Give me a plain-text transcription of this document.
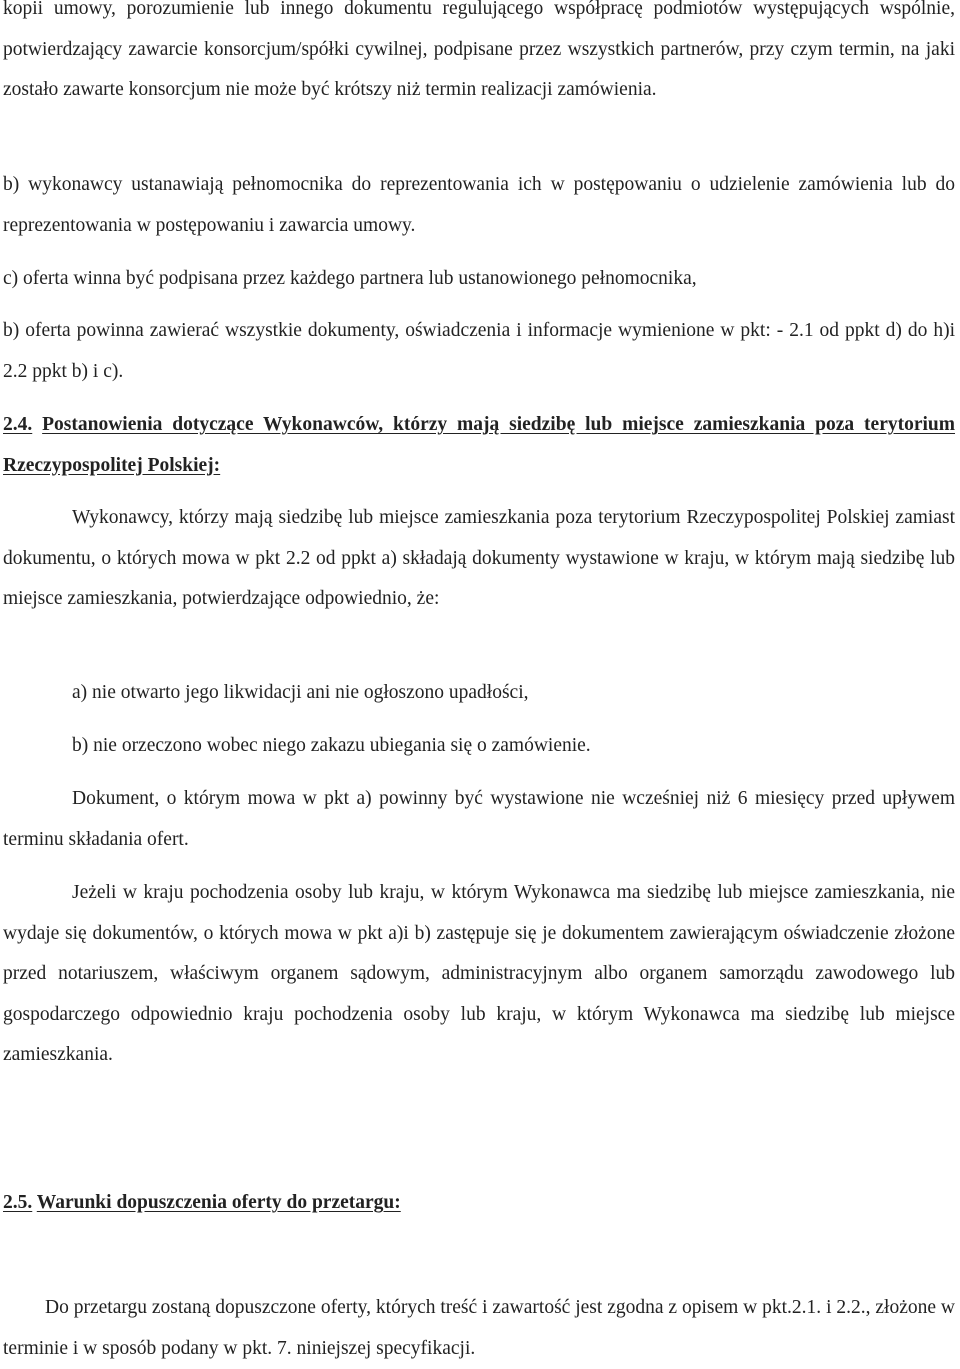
kopii umowy, porozumienie lub innego dokumentu regulującego współpracę podmiotów występujących wspólnie, potwierdzający zawarcie konsorcjum/spółki cywilnej, podpisane przez wszystkich partnerów, przy czym termin, na jaki zostało zawarte konsorcjum nie może być krótszy niż termin realizacji zamówienia.

b) wykonawcy ustanawiają pełnomocnika do reprezentowania ich w postępowaniu o udzielenie zamówienia lub do reprezentowania w postępowaniu i zawarcia umowy.

c) oferta winna być podpisana przez każdego partnera lub ustanowionego pełnomocnika,

b) oferta powinna zawierać wszystkie dokumenty, oświadczenia i informacje wymienione w pkt: - 2.1 od ppkt d) do h)i 2.2 ppkt b) i c).

2.4. Postanowienia dotyczące Wykonawców, którzy mają siedzibę lub miejsce zamieszkania poza terytorium Rzeczypospolitej Polskiej:

Wykonawcy, którzy mają siedzibę lub miejsce zamieszkania poza terytorium Rzeczypospolitej Polskiej zamiast dokumentu, o których mowa w pkt 2.2 od ppkt a) składają dokumenty wystawione w kraju, w którym mają siedzibę lub miejsce zamieszkania, potwierdzające odpowiednio, że:

a) nie otwarto jego likwidacji ani nie ogłoszono upadłości,

b) nie orzeczono wobec niego zakazu ubiegania się o zamówienie.

Dokument, o którym mowa w pkt a) powinny być wystawione nie wcześniej niż 6 miesięcy przed upływem terminu składania ofert.

Jeżeli w kraju pochodzenia osoby lub kraju, w którym Wykonawca ma siedzibę lub miejsce zamieszkania, nie wydaje się dokumentów, o których mowa w pkt a)i b) zastępuje się je dokumentem zawierającym oświadczenie złożone przed notariuszem, właściwym organem sądowym, administracyjnym albo organem samorządu zawodowego lub gospodarczego odpowiednio kraju pochodzenia osoby lub kraju, w którym Wykonawca ma siedzibę lub miejsce zamieszkania.

2.5. Warunki dopuszczenia oferty do przetargu:

Do przetargu zostaną dopuszczone oferty, których treść i zawartość jest zgodna z opisem w pkt.2.1. i 2.2., złożone w terminie i w sposób podany w pkt. 7. niniejszej specyfikacji.
